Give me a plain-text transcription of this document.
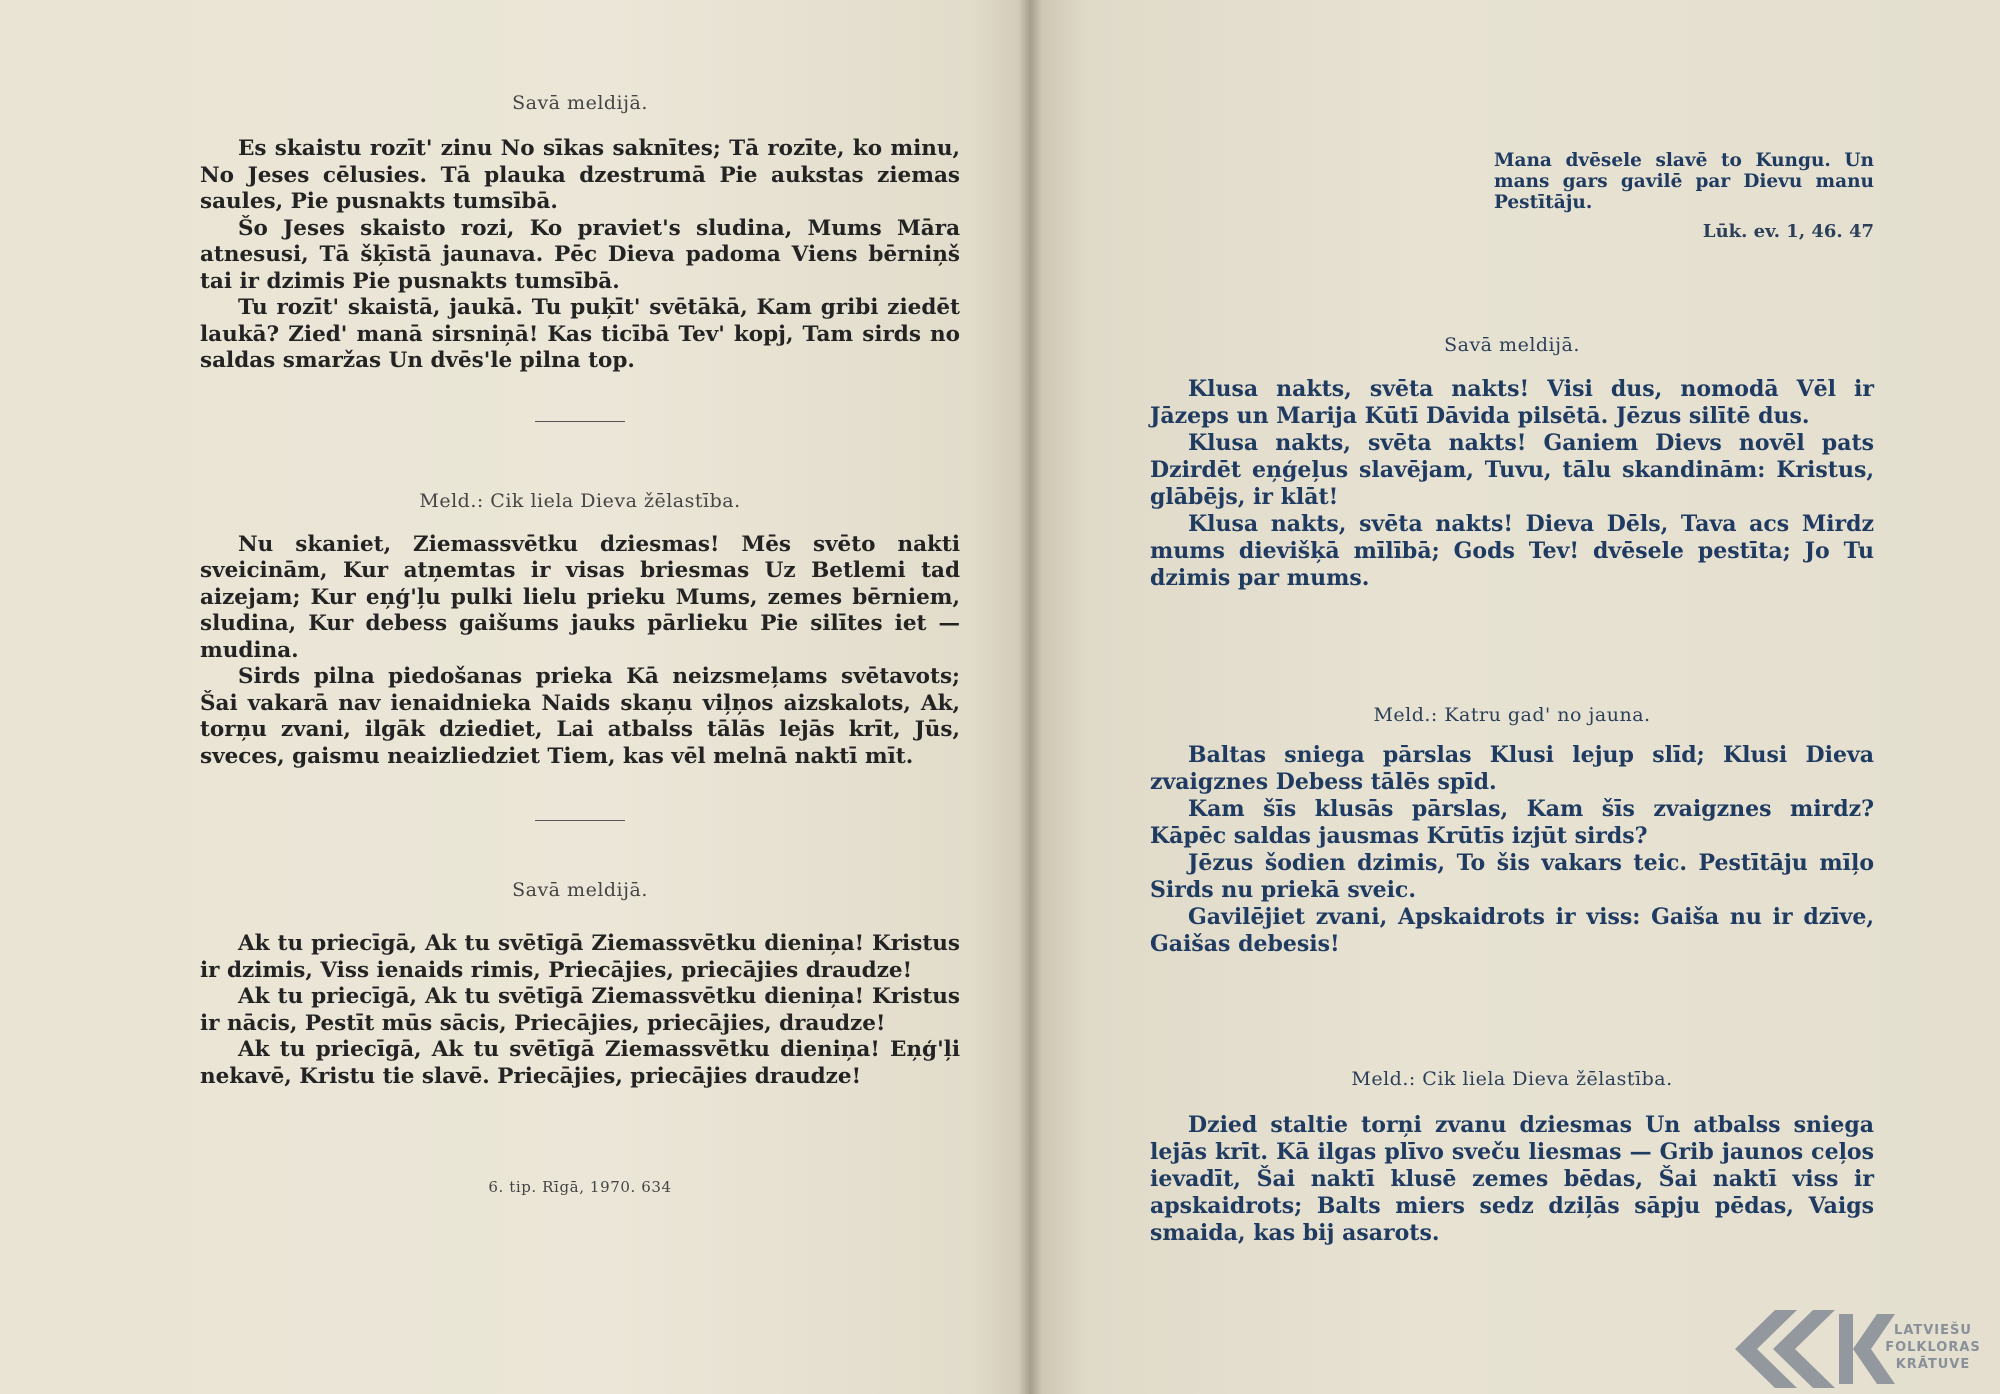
Savā meldijā.

Es skaistu rozīt' zinu No sīkas saknītes; Tā rozīte, ko minu, No Jeses cēlusies. Tā plauka dzestrumā Pie aukstas ziemas saules, Pie pusnakts tumsībā.

Šo Jeses skaisto rozi, Ko praviet's sludina, Mums Māra atnesusi, Tā šķīstā jaunava. Pēc Dieva padoma Viens bērniņš tai ir dzimis Pie pusnakts tumsībā.

Tu rozīt' skaistā, jaukā. Tu puķīt' svētākā, Kam gribi ziedēt laukā? Zied' manā sirsniņā! Kas ticībā Tev' kopj, Tam sirds no saldas smaržas Un dvēs'le pilna top.

Meld.: Cik liela Dieva žēlastība.

Nu skaniet, Ziemassvētku dziesmas! Mēs svēto nakti sveicinām, Kur atņemtas ir visas briesmas Uz Betlemi tad aizejam; Kur eņģ'ļu pulki lielu prieku Mums, zemes bērniem, sludina, Kur debess gaišums jauks pārlieku Pie silītes iet — mudina.

Sirds pilna piedošanas prieka Kā neizsmeļams svētavots; Šai vakarā nav ienaidnieka Naids skaņu viļņos aizskalots, Ak, torņu zvani, ilgāk dziediet, Lai atbalss tālās lejās krīt, Jūs, sveces, gaismu neaizliedziet Tiem, kas vēl melnā naktī mīt.

Savā meldijā.

Ak tu priecīgā, Ak tu svētīgā Ziemassvētku dieniņa! Kristus ir dzimis, Viss ienaids rimis, Priecājies, priecājies draudze!

Ak tu priecīgā, Ak tu svētīgā Ziemassvētku dieniņa! Kristus ir nācis, Pestīt mūs sācis, Priecājies, priecājies, draudze!

Ak tu priecīgā, Ak tu svētīgā Ziemassvētku dieniņa! Eņģ'ļi nekavē, Kristu tie slavē. Priecājies, priecājies draudze!

6. tip. Rīgā, 1970. 634
Mana dvēsele slavē to Kungu. Un mans gars gavilē par Dievu manu Pestītāju.
Lūk. ev. 1, 46. 47
Savā meldijā.

Klusa nakts, svēta nakts! Visi dus, nomodā Vēl ir Jāzeps un Marija Kūtī Dāvida pilsētā. Jēzus silītē dus.

Klusa nakts, svēta nakts! Ganiem Dievs novēl pats Dzirdēt eņģeļus slavējam, Tuvu, tālu skandinām: Kristus, glābējs, ir klāt!

Klusa nakts, svēta nakts! Dieva Dēls, Tava acs Mirdz mums dievišķā mīlībā; Gods Tev! dvēsele pestīta; Jo Tu dzimis par mums.

Meld.: Katru gad' no jauna.

Baltas sniega pārslas Klusi lejup slīd; Klusi Dieva zvaigznes Debess tālēs spīd.

Kam šīs klusās pārslas, Kam šīs zvaigznes mirdz? Kāpēc saldas jausmas Krūtīs izjūt sirds?

Jēzus šodien dzimis, To šis vakars teic. Pestītāju mīļo Sirds nu priekā sveic.

Gavilējiet zvani, Apskaidrots ir viss: Gaiša nu ir dzīve, Gaišas debesis!

Meld.: Cik liela Dieva žēlastība.

Dzied staltie torņi zvanu dziesmas Un atbalss sniega lejās krīt. Kā ilgas plīvo sveču liesmas — Grib jaunos ceļos ievadīt, Šai naktī klusē zemes bēdas, Šai naktī viss ir apskaidrots; Balts miers sedz dziļās sāpju pēdas, Vaigs smaida, kas bij asarots.

LATVIEŠU
FOLKLORAS
KRĀTUVE
